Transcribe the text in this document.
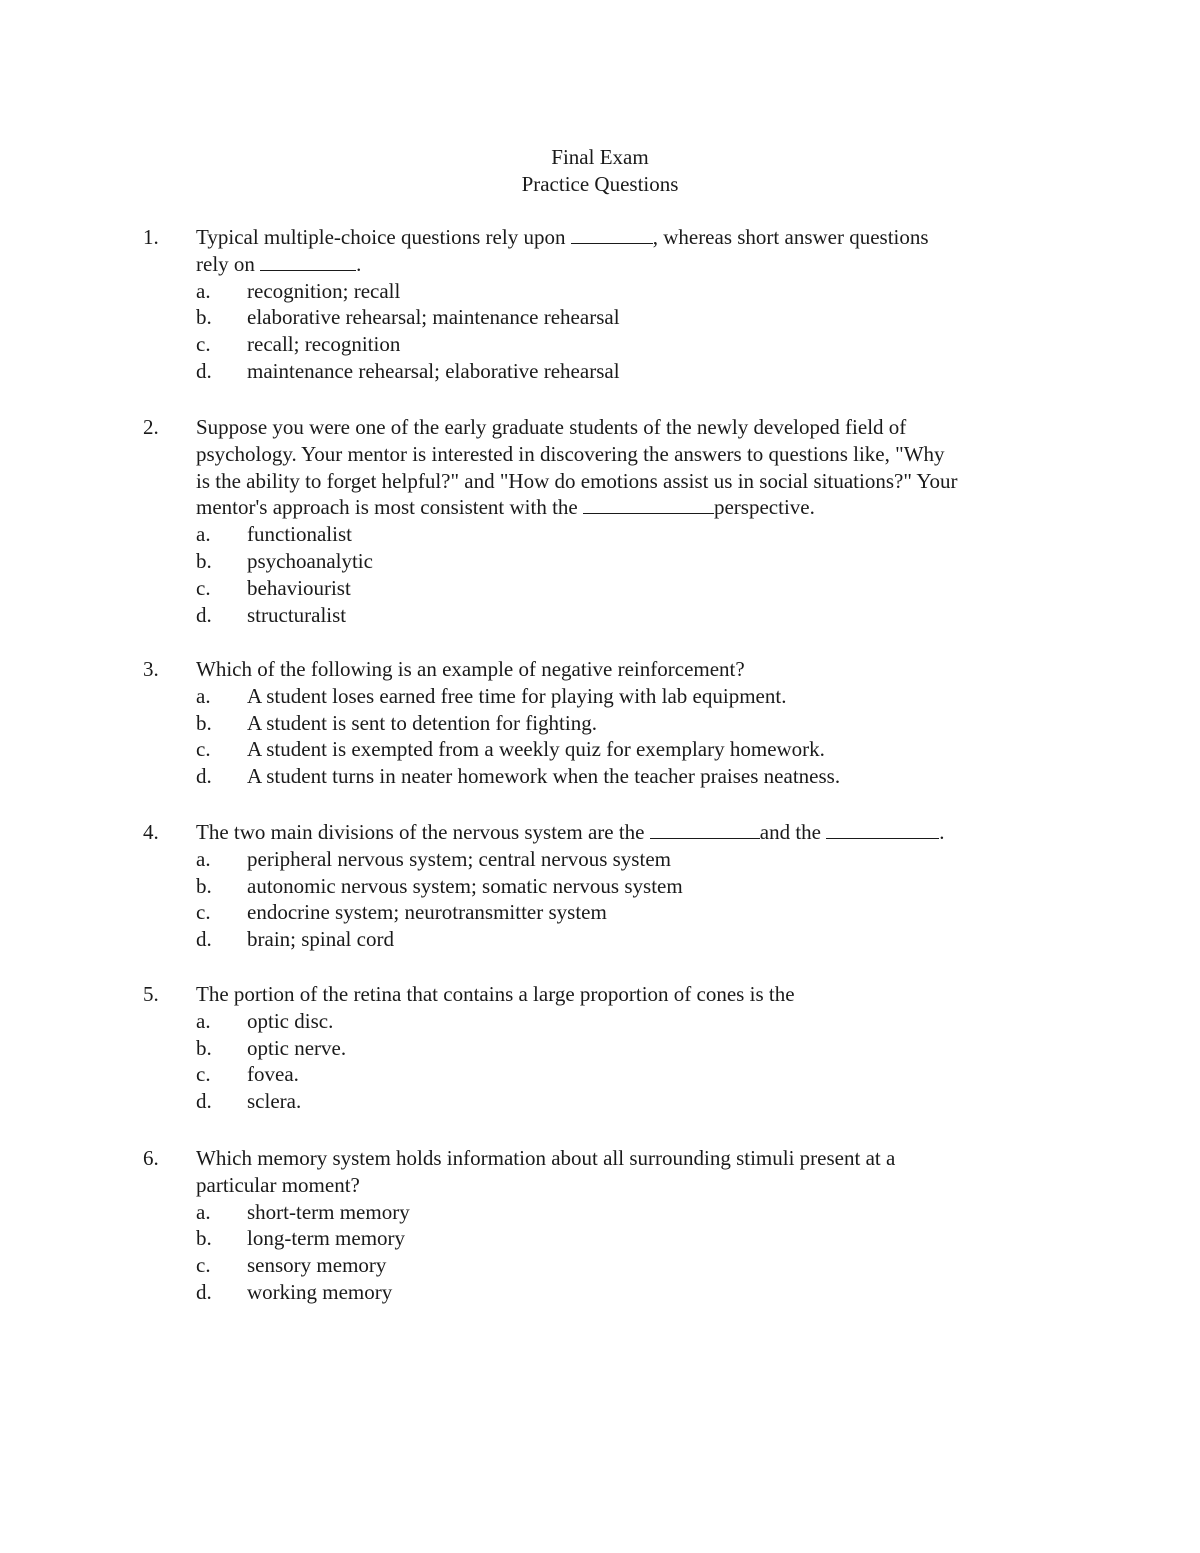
Final Exam
Practice Questions
1. Typical multiple-choice questions rely upon	, whereas short answer questions
rely on	.
a. recognition; recall
b. elaborative rehearsal; maintenance rehearsal
c. recall; recognition
d. maintenance rehearsal; elaborative rehearsal
2. Suppose you were one of the early graduate students of the newly developed field of
psychology. Your mentor is interested in discovering the answers to questions like, "Why
is the ability to forget helpful?" and "How do emotions assist us in social situations?" Your
mentor's approach is most consistent with the	perspective.
a. functionalist
b. psychoanalytic
c. behaviourist
d. structuralist
3. Which of the following is an example of negative reinforcement?
a. A student loses earned free time for playing with lab equipment.
b. A student is sent to detention for fighting.
c. A student is exempted from a weekly quiz for exemplary homework.
d. A student turns in neater homework when the teacher praises neatness.
4. The two main divisions of the nervous system are the	and the	.
a. peripheral nervous system; central nervous system
b. autonomic nervous system; somatic nervous system
c. endocrine system; neurotransmitter system
d. brain; spinal cord
5. The portion of the retina that contains a large proportion of cones is the
a. optic disc.
b. optic nerve.
c. fovea.
d. sclera.
6. Which memory system holds information about all surrounding stimuli present at a
particular moment?
a. short-term memory
b. long-term memory
c. sensory memory
d. working memory
